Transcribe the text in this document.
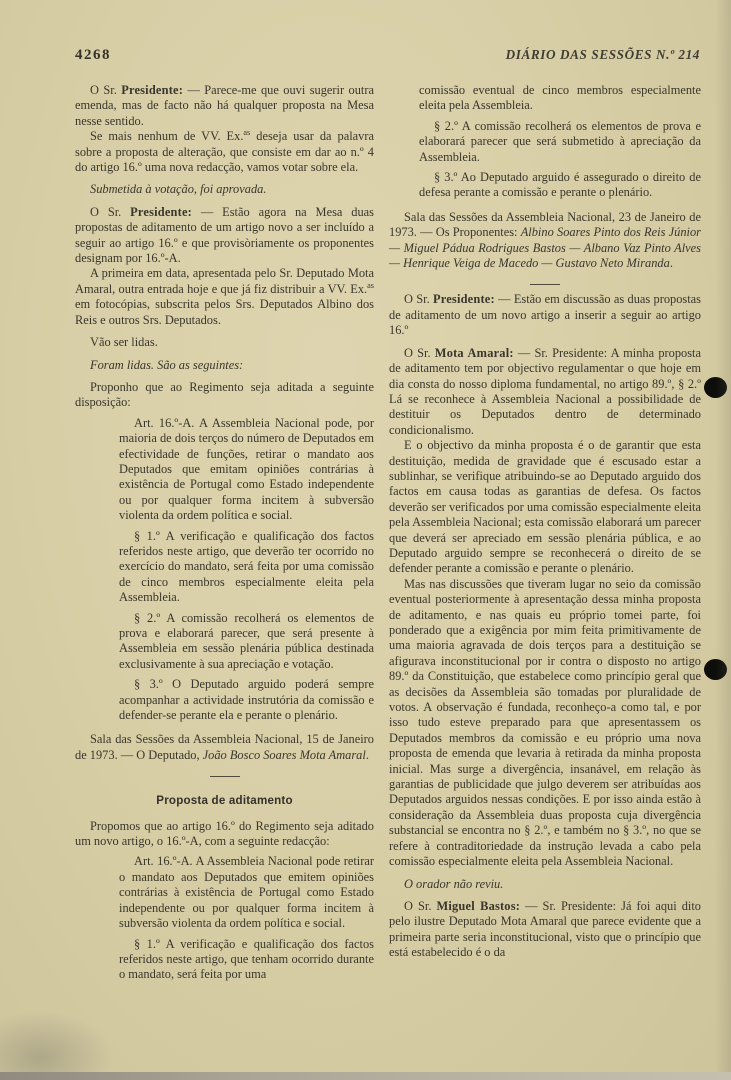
4268	DIÁRIO DAS SESSÕES N.º 214

O Sr. Presidente: — Parece-me que ouvi sugerir outra emenda, mas de facto não há qualquer proposta na Mesa nesse sentido.

Se mais nenhum de VV. Ex.$^{as}$ deseja usar da palavra sobre a proposta de alteração, que consiste em dar ao n.º 4 do artigo 16.º uma nova redacção, vamos votar sobre ela.

Submetida à votação, foi aprovada.

O Sr. Presidente: — Estão agora na Mesa duas propostas de aditamento de um artigo novo a ser incluído a seguir ao artigo 16.º e que provisòriamente os proponentes designam por 16.º-A.

A primeira em data, apresentada pelo Sr. Deputado Mota Amaral, outra entrada hoje e que já fiz distribuir a VV. Ex.$^{as}$ em fotocópias, subscrita pelos Srs. Deputados Albino dos Reis e outros Srs. Deputados.

Vão ser lidas.

Foram lidas. São as seguintes:

Proponho que ao Regimento seja aditada a seguinte disposição:

Art. 16.º-A. A Assembleia Nacional pode, por maioria de dois terços do número de Deputados em efectividade de funções, retirar o mandato aos Deputados que emitam opiniões contrárias à existência de Portugal como Estado independente ou por qualquer forma incitem à subversão violenta da ordem política e social.

§ 1.º A verificação e qualificação dos factos referidos neste artigo, que deverão ter ocorrido no exercício do mandato, será feita por uma comissão de cinco membros especialmente eleita pela Assembleia.

§ 2.º A comissão recolherá os elementos de prova e elaborará parecer, que será presente à Assembleia em sessão plenária pública destinada exclusivamente à sua apreciação e votação.

§ 3.º O Deputado arguido poderá sempre acompanhar a actividade instrutória da comissão e defender-se perante ela e perante o plenário.

Sala das Sessões da Assembleia Nacional, 15 de Janeiro de 1973. — O Deputado, João Bosco Soares Mota Amaral.

Proposta de aditamento

Propomos que ao artigo 16.º do Regimento seja aditado um novo artigo, o 16.º-A, com a seguinte redacção:

Art. 16.º-A. A Assembleia Nacional pode retirar o mandato aos Deputados que emitem opiniões contrárias à existência de Portugal como Estado independente ou por qualquer forma incitem à subversão violenta da ordem política e social.

§ 1.º A verificação e qualificação dos factos referidos neste artigo, que tenham ocorrido durante o mandato, será feita por uma

comissão eventual de cinco membros especialmente eleita pela Assembleia.

§ 2.º A comissão recolherá os elementos de prova e elaborará parecer que será submetido à apreciação da Assembleia.

§ 3.º Ao Deputado arguido é assegurado o direito de defesa perante a comissão e perante o plenário.

Sala das Sessões da Assembleia Nacional, 23 de Janeiro de 1973. — Os Proponentes: Albino Soares Pinto dos Reis Júnior — Miguel Pádua Rodrigues Bastos — Albano Vaz Pinto Alves — Henrique Veiga de Macedo — Gustavo Neto Miranda.

O Sr. Presidente: — Estão em discussão as duas propostas de aditamento de um novo artigo a inserir a seguir ao artigo 16.º

O Sr. Mota Amaral: — Sr. Presidente: A minha proposta de aditamento tem por objectivo regulamentar o que hoje em dia consta do nosso diploma fundamental, no artigo 89.º, § 2.º Lá se reconhece à Assembleia Nacional a possibilidade de destituir os Deputados dentro de determinado condicionalismo.

E o objectivo da minha proposta é o de garantir que esta destituição, medida de gravidade que é escusado estar a sublinhar, se verifique atribuindo-se ao Deputado arguido dos factos em causa todas as garantias de defesa. Os factos deverão ser verificados por uma comissão especialmente eleita pela Assembleia Nacional; esta comissão elaborará um parecer que deverá ser apreciado em sessão plenária pública, e ao Deputado arguido sempre se reconhecerá o direito de se defender perante a comissão e perante o plenário.

Mas nas discussões que tiveram lugar no seio da comissão eventual posteriormente à apresentação dessa minha proposta de aditamento, e nas quais eu próprio tomei parte, foi ponderado que a exigência por mim feita primitivamente de uma maioria agravada de dois terços para a destituição se afigurava inconstitucional por ir contra o disposto no artigo 89.º da Constituição, que estabelece como princípio geral que as decisões da Assembleia são tomadas por pluralidade de votos. A observação é fundada, reconheço-a como tal, e por isso tudo esteve preparado para que apresentassem os Deputados membros da comissão e eu próprio uma nova proposta de emenda que levaria à retirada da minha proposta inicial. Mas surge a divergência, insanável, em relação às garantias de publicidade que julgo deverem ser atribuídas aos Deputados arguidos nessas condições. E por isso ainda estão à consideração da Assembleia duas proposta cuja divergência substancial se encontra no § 2.º, e também no § 3.º, no que se refere à contraditoriedade da instrução levada a cabo pela comissão especialmente eleita pela Assembleia Nacional.

O orador não reviu.

O Sr. Miguel Bastos: — Sr. Presidente: Já foi aqui dito pelo ilustre Deputado Mota Amaral que parece evidente que a primeira parte seria inconstitucional, visto que o princípio que está estabelecido é o da
